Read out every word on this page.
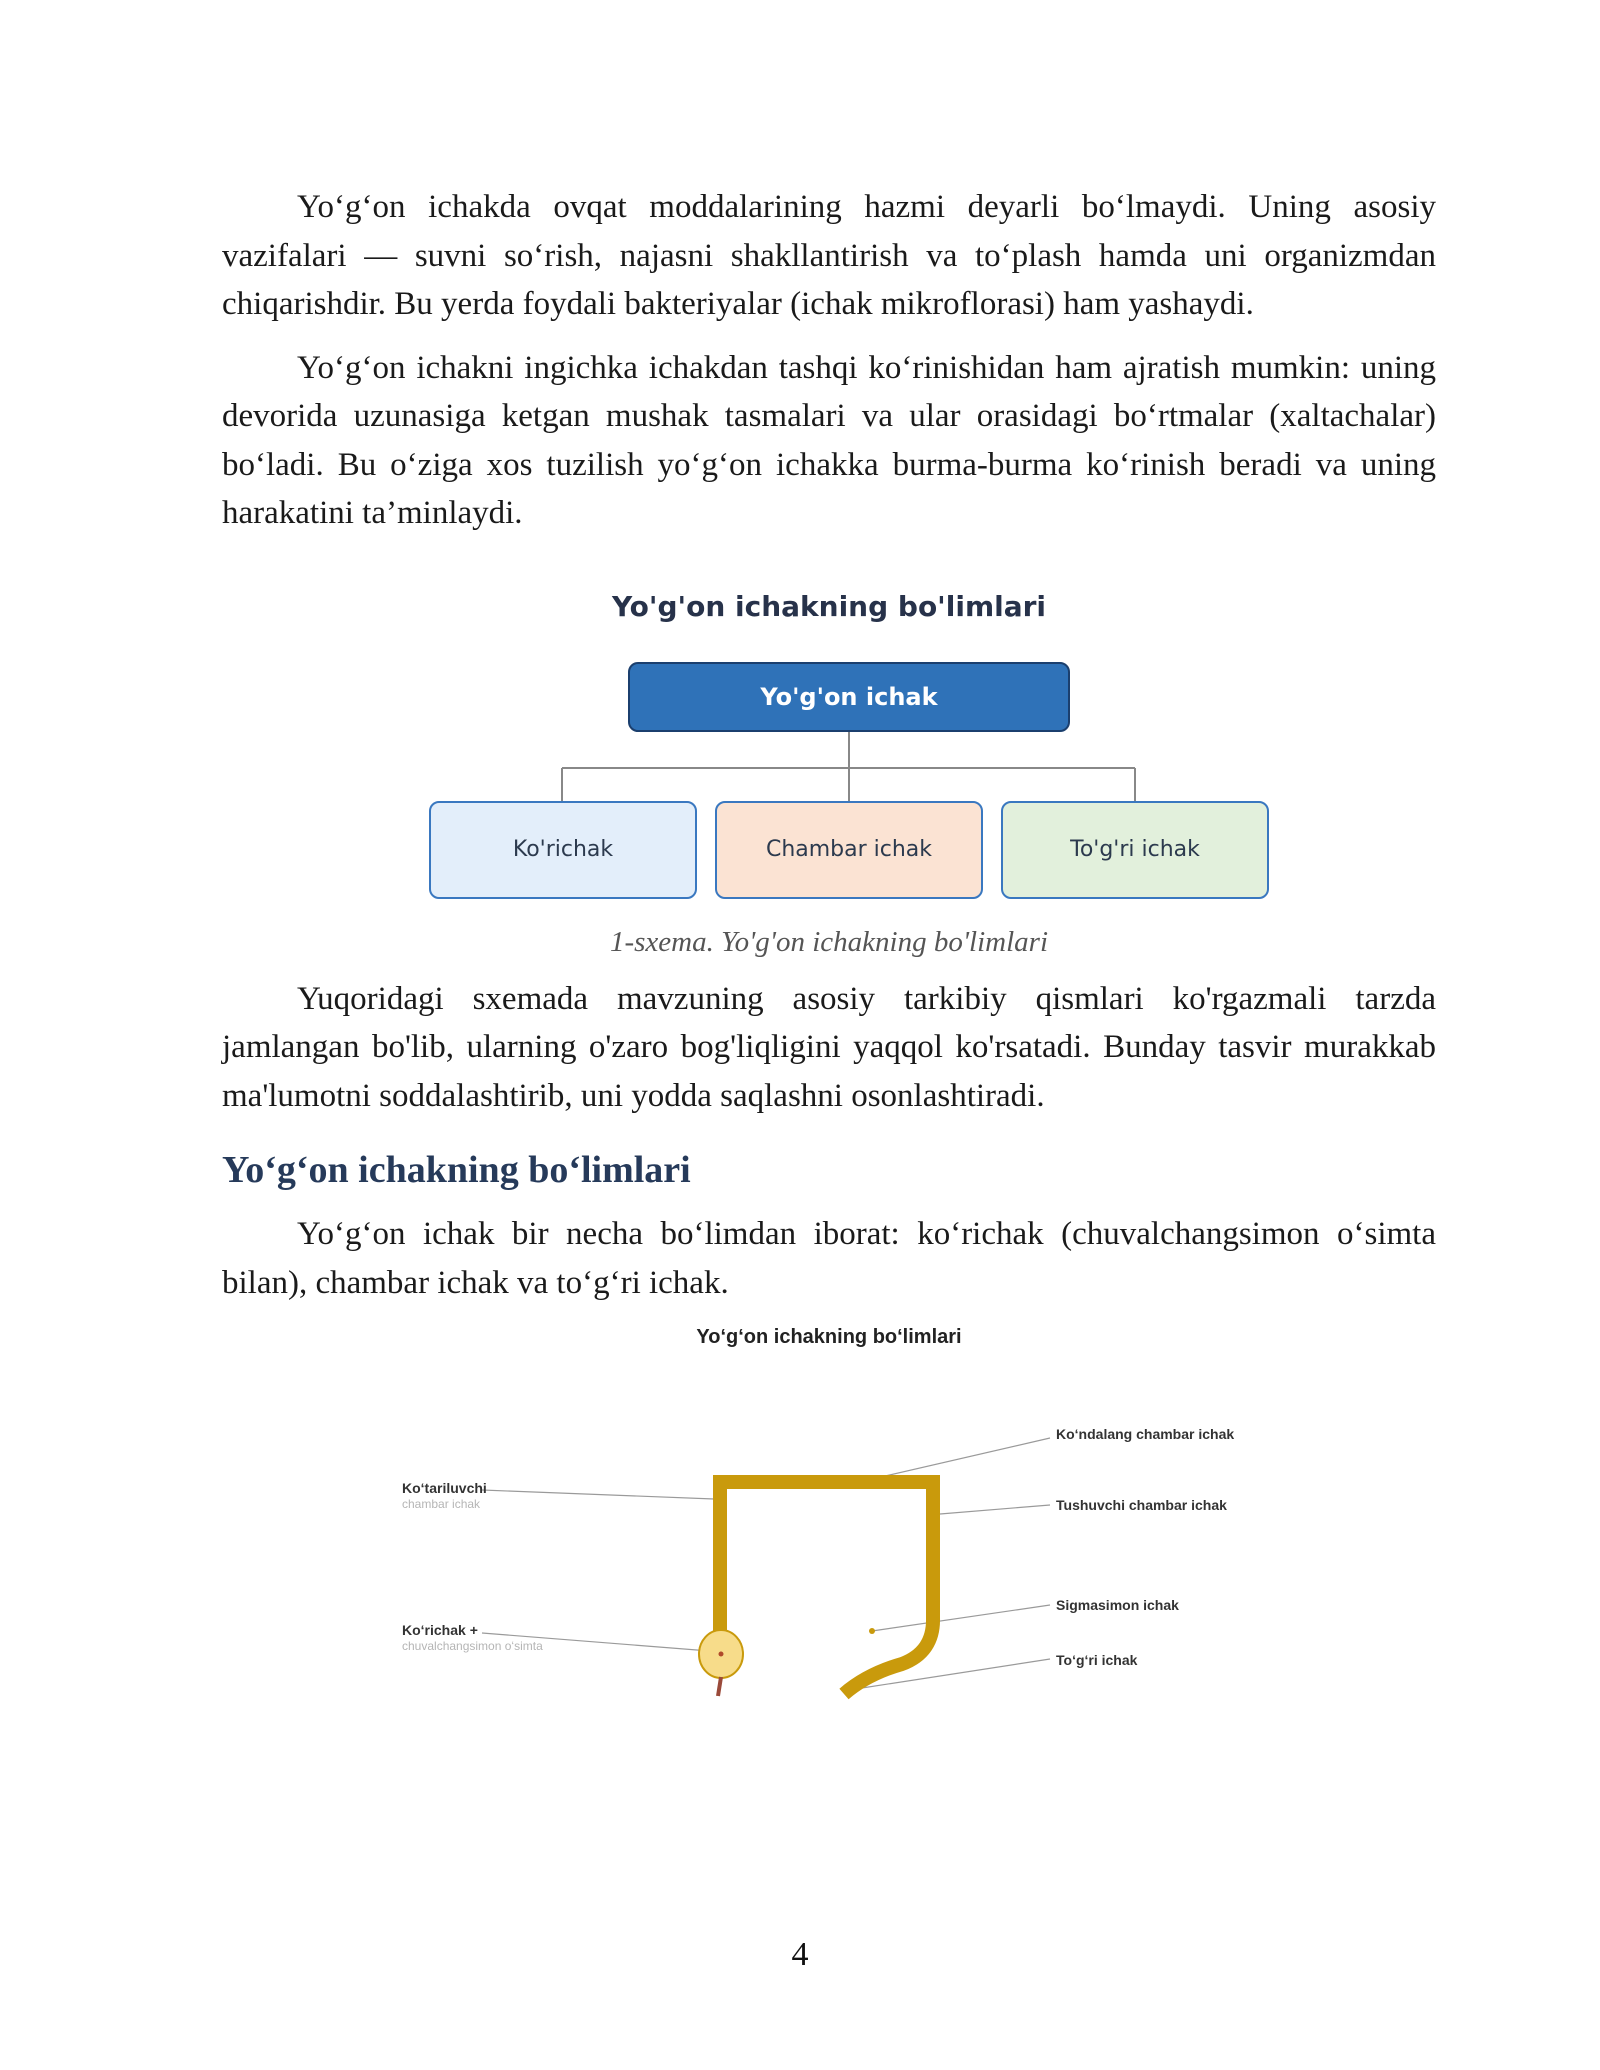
Yo‘g‘on ichakda ovqat moddalarining hazmi deyarli bo‘lmaydi. Uning asosiy vazifalari — suvni so‘rish, najasni shakllantirish va to‘plash hamda uni organizmdan chiqarishdir. Bu yerda foydali bakteriyalar (ichak mikroflorasi) ham yashaydi.

Yo‘g‘on ichakni ingichka ichakdan tashqi ko‘rinishidan ham ajratish mumkin: uning devorida uzunasiga ketgan mushak tasmalari va ular orasidagi bo‘rtmalar (xaltachalar) bo‘ladi. Bu o‘ziga xos tuzilish yo‘g‘on ichakka burma-burma ko‘rinish beradi va uning harakatini ta’minlaydi.

Yo'g'on ichakning bo'limlari
Yo'g'on ichak
Ko'richak	Chambar ichak	To'g'ri ichak
1-sxema. Yo'g'on ichakning bo'limlari

Yuqoridagi sxemada mavzuning asosiy tarkibiy qismlari ko'rgazmali tarzda jamlangan bo'lib, ularning o'zaro bog'liqligini yaqqol ko'rsatadi. Bunday tasvir murakkab ma'lumotni soddalashtirib, uni yodda saqlashni osonlashtiradi.

Yo‘g‘on ichakning bo‘limlari

Yo‘g‘on ichak bir necha bo‘limdan iborat: ko‘richak (chuvalchangsimon o‘simta bilan), chambar ichak va to‘g‘ri ichak.

Yo‘g‘on ichakning bo‘limlari
Ko‘ndalang chambar ichak
Ko‘tariluvchi
chambar ichak	Tushuvchi chambar ichak
Sigmasimon ichak
Ko‘richak +
chuvalchangsimon o‘simta
To‘g‘ri ichak
4
